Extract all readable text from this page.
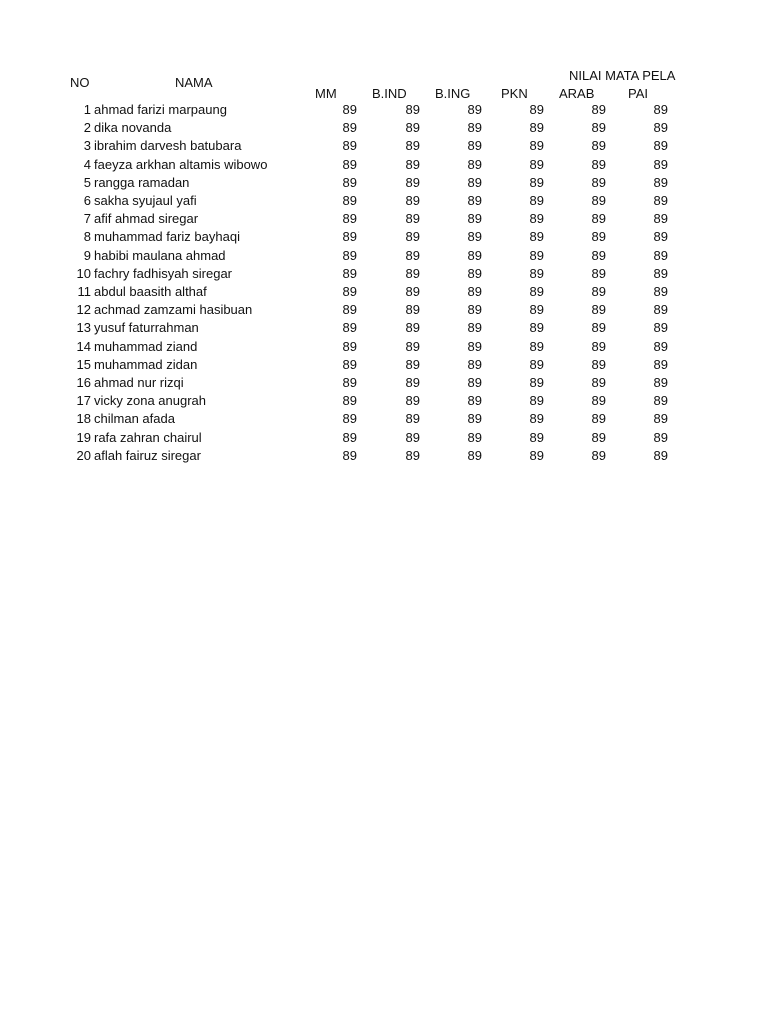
NO	NAMA	NILAI MATA PELA
MM	B.IND B.ING PKN ARAB	PAI
1 ahmad farizi marpaung	89	89	89	89	89	89
2 dika novanda	89	89	89	89	89	89
3 ibrahim darvesh batubara	89	89	89	89	89	89
4 faeyza arkhan altamis wibowo	89	89	89	89	89	89
5 rangga ramadan	89	89	89	89	89	89
6 sakha syujaul yafi	89	89	89	89	89	89
7 afif ahmad siregar	89	89	89	89	89	89
8 muhammad fariz bayhaqi	89	89	89	89	89	89
9 habibi maulana ahmad	89	89	89	89	89	89
10 fachry fadhisyah siregar	89	89	89	89	89	89
11 abdul baasith althaf	89	89	89	89	89	89
12 achmad zamzami hasibuan	89	89	89	89	89	89
13 yusuf faturrahman	89	89	89	89	89	89
14 muhammad ziand	89	89	89	89	89	89
15 muhammad zidan	89	89	89	89	89	89
16 ahmad nur rizqi	89	89	89	89	89	89
17 vicky zona anugrah	89	89	89	89	89	89
18 chilman afada	89	89	89	89	89	89
19 rafa zahran chairul	89	89	89	89	89	89
20 aflah fairuz siregar	89	89	89	89	89	89
